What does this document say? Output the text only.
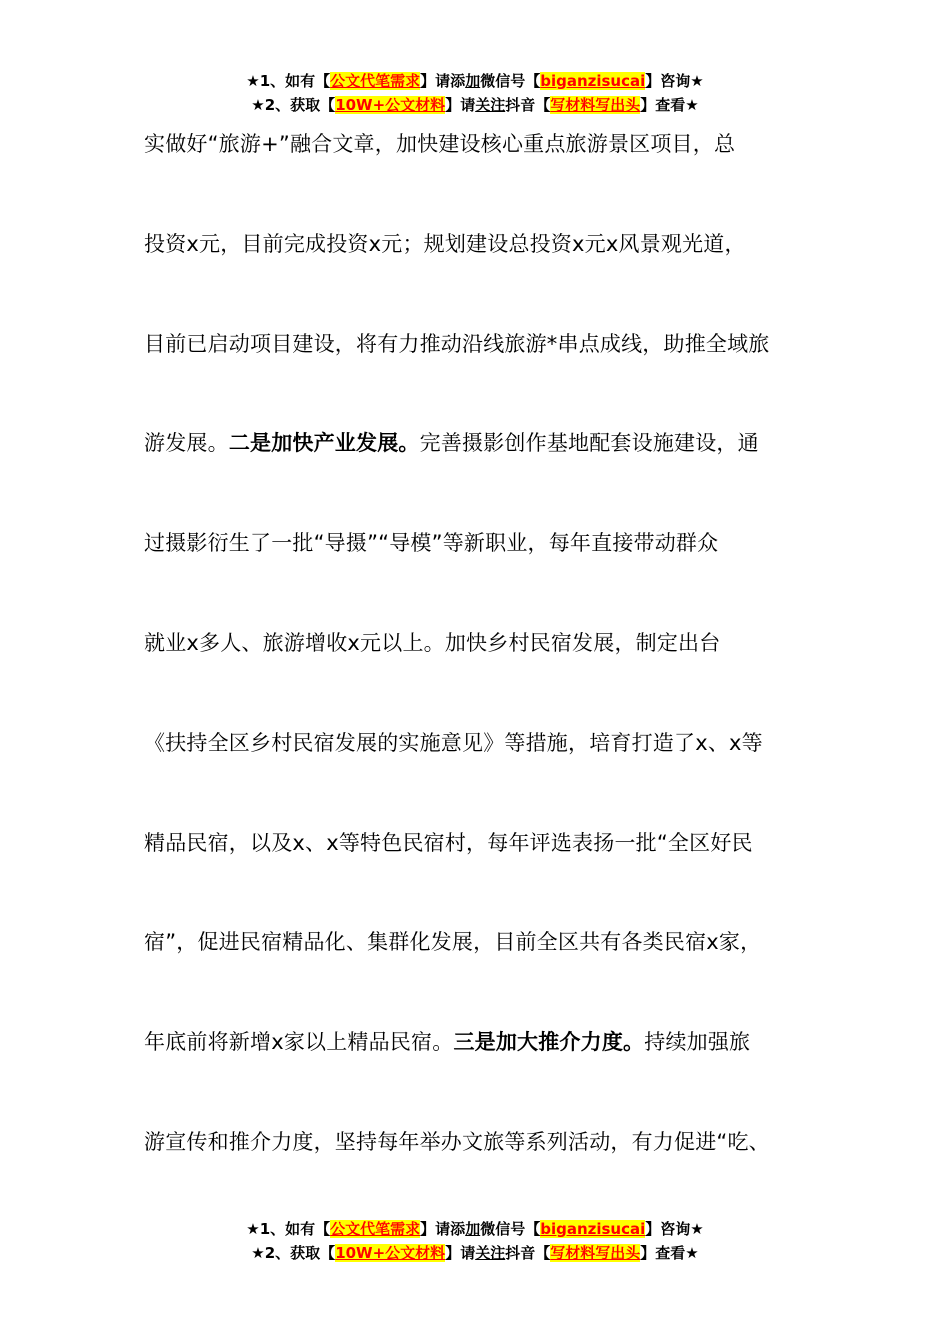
★1、如有【公文代笔需求】请添加微信号【biganzisucai】咨询★
★2、获取【10W+公文材料】请关注抖音【写材料写出头】查看★
实做好“旅游+”融合文章，加快建设核心重点旅游景区项目，总
投资x元，目前完成投资x元；规划建设总投资x元x风景观光道，
目前已启动项目建设，将有力推动沿线旅游*串点成线，助推全域旅
游发展。二是加快产业发展。完善摄影创作基地配套设施建设，通
过摄影衍生了一批“导摄”“导模”等新职业，每年直接带动群众
就业x多人、旅游增收x元以上。加快乡村民宿发展，制定出台
《扶持全区乡村民宿发展的实施意见》等措施，培育打造了x、x等
精品民宿，以及x、x等特色民宿村，每年评选表扬一批“全区好民
宿”，促进民宿精品化、集群化发展，目前全区共有各类民宿x家，
年底前将新增x家以上精品民宿。三是加大推介力度。持续加强旅
游宣传和推介力度，坚持每年举办文旅等系列活动，有力促进“吃、
★1、如有【公文代笔需求】请添加微信号【biganzisucai】咨询★
★2、获取【10W+公文材料】请关注抖音【写材料写出头】查看★
